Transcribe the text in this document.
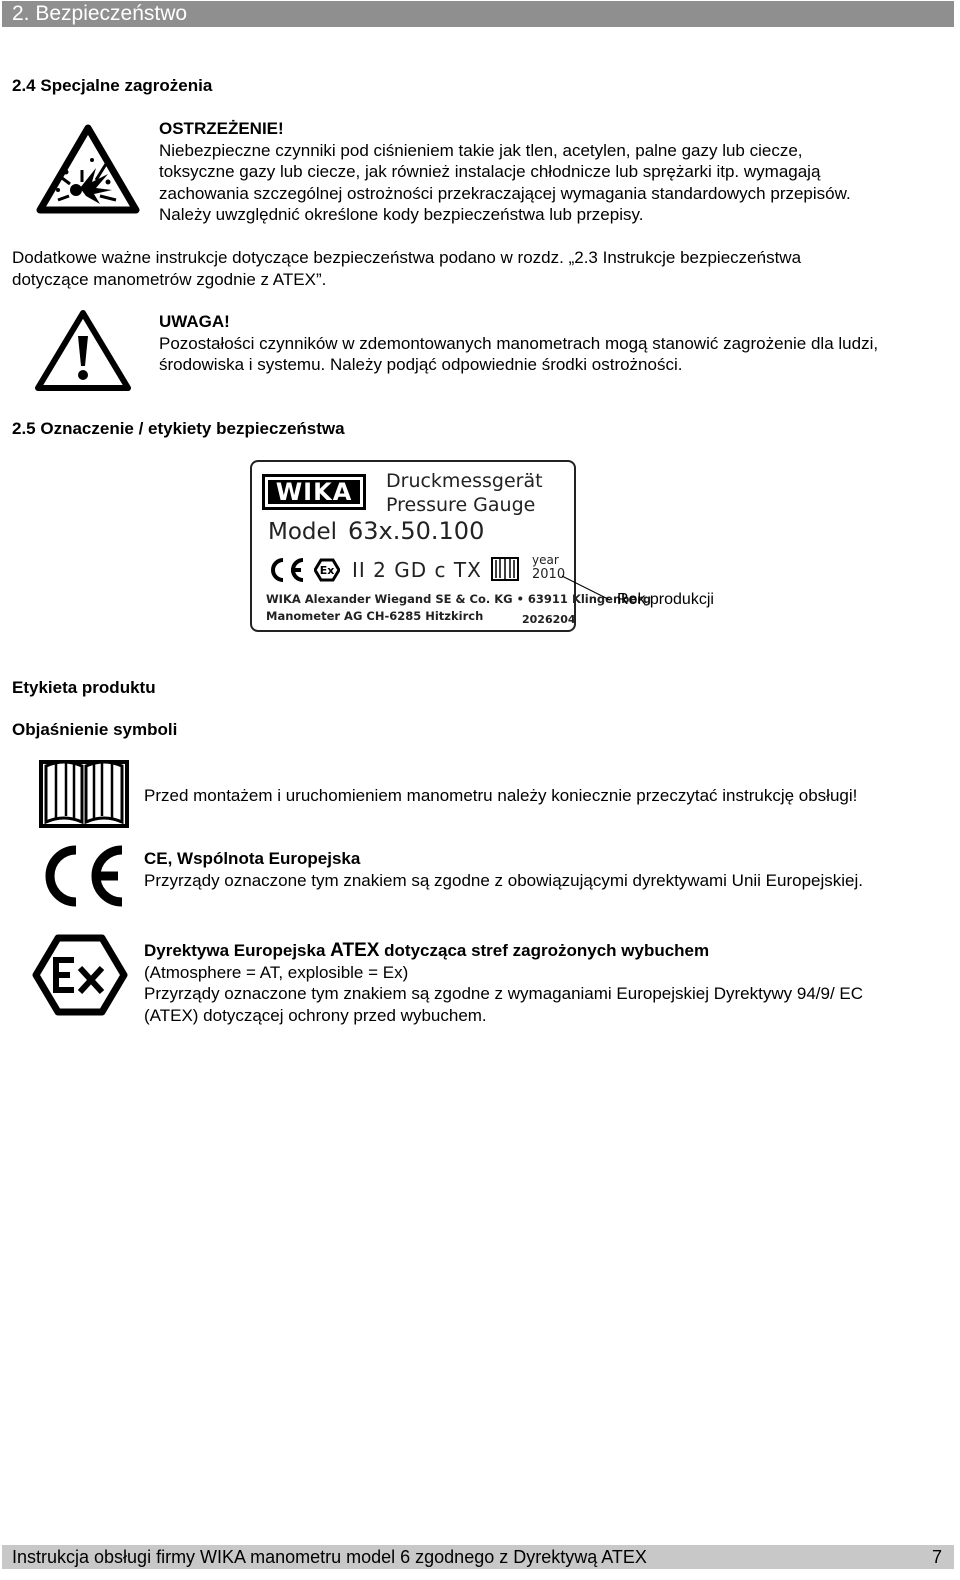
2. Bezpieczeństwo
2.4 Specjalne zagrożenia
OSTRZEŻENIE!
Niebezpieczne czynniki pod ciśnieniem takie jak tlen, acetylen, palne gazy lub ciecze,
toksyczne gazy lub ciecze, jak również instalacje chłodnicze lub sprężarki itp. wymagają
zachowania szczególnej ostrożności przekraczającej wymagania standardowych przepisów.
Należy uwzględnić określone kody bezpieczeństwa lub przepisy.
Dodatkowe ważne instrukcje dotyczące bezpieczeństwa podano w rozdz. „2.3 Instrukcje bezpieczeństwa
dotyczące manometrów zgodnie z ATEX”.
UWAGA!
Pozostałości czynników w zdemontowanych manometrach mogą stanowić zagrożenie dla ludzi,
środowiska i systemu. Należy podjąć odpowiednie środki ostrożności.
2.5 Oznaczenie / etykiety bezpieczeństwa
WIKA	Druckmessgerät
Pressure Gauge
Model 63x.50.100
Ex II 2 GD c TX	year
2010
WIKA Alexander Wiegand SE & Co. KG • 63911 Klingenberg
Manometer AG CH-6285 Hitzkirch	2026204
Rok produkcji
Etykieta produktu
Objaśnienie symboli
Przed montażem i uruchomieniem manometru należy koniecznie przeczytać instrukcję obsługi!
CE, Wspólnota Europejska
Przyrządy oznaczone tym znakiem są zgodne z obowiązującymi dyrektywami Unii Europejskiej.
Dyrektywa Europejska ATEX dotycząca stref zagrożonych wybuchem
(Atmosphere = AT, explosible = Ex)
Przyrządy oznaczone tym znakiem są zgodne z wymaganiami Europejskiej Dyrektywy 94/9/ EC
(ATEX) dotyczącej ochrony przed wybuchem.
Instrukcja obsługi firmy WIKA manometru model 6 zgodnego z Dyrektywą ATEX	7
